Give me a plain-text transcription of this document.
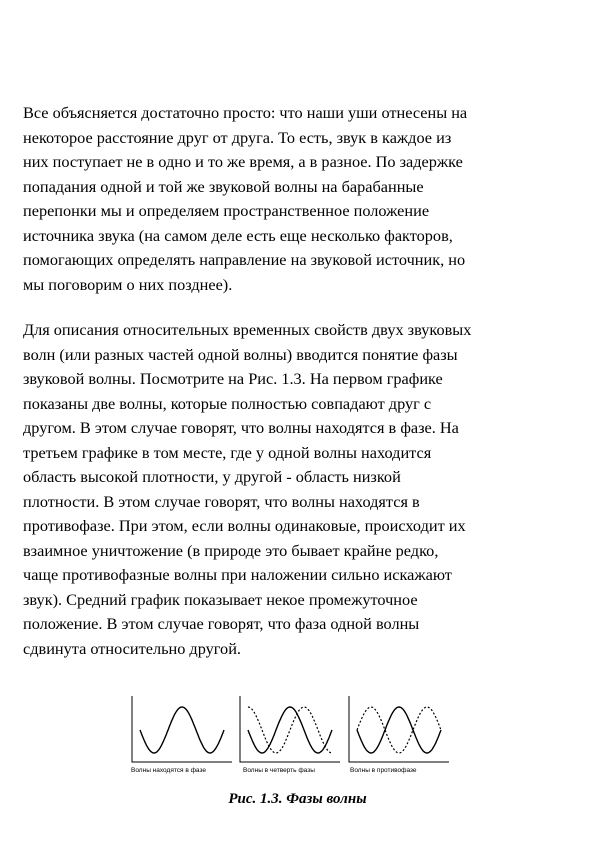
Все объясняется достаточно просто: что наши уши отнесены на
некоторое расстояние друг от друга. То есть, звук в каждое из
них поступает не в одно и то же время, а в разное. По задержке
попадания одной и той же звуковой волны на барабанные
перепонки мы и определяем пространственное положение
источника звука (на самом деле есть еще несколько факторов,
помогающих определять направление на звуковой источник, но
мы поговорим о них позднее).
Для описания относительных временных свойств двух звуковых
волн (или разных частей одной волны) вводится понятие фазы
звуковой волны. Посмотрите на Рис. 1.3. На первом графике
показаны две волны, которые полностью совпадают друг с
другом. В этом случае говорят, что волны находятся в фазе. На
третьем графике в том месте, где у одной волны находится
область высокой плотности, у другой - область низкой
плотности. В этом случае говорят, что волны находятся в
противофазе. При этом, если волны одинаковые, происходит их
взаимное уничтожение (в природе это бывает крайне редко,
чаще противофазные волны при наложении сильно искажают
звук). Средний график показывает некое промежуточное
положение. В этом случае говорят, что фаза одной волны
сдвинута относительно другой.
Волны находятся в фазе	Волны в четверть фазы	Волны в противофазе
Рис. 1.3. Фазы волны
